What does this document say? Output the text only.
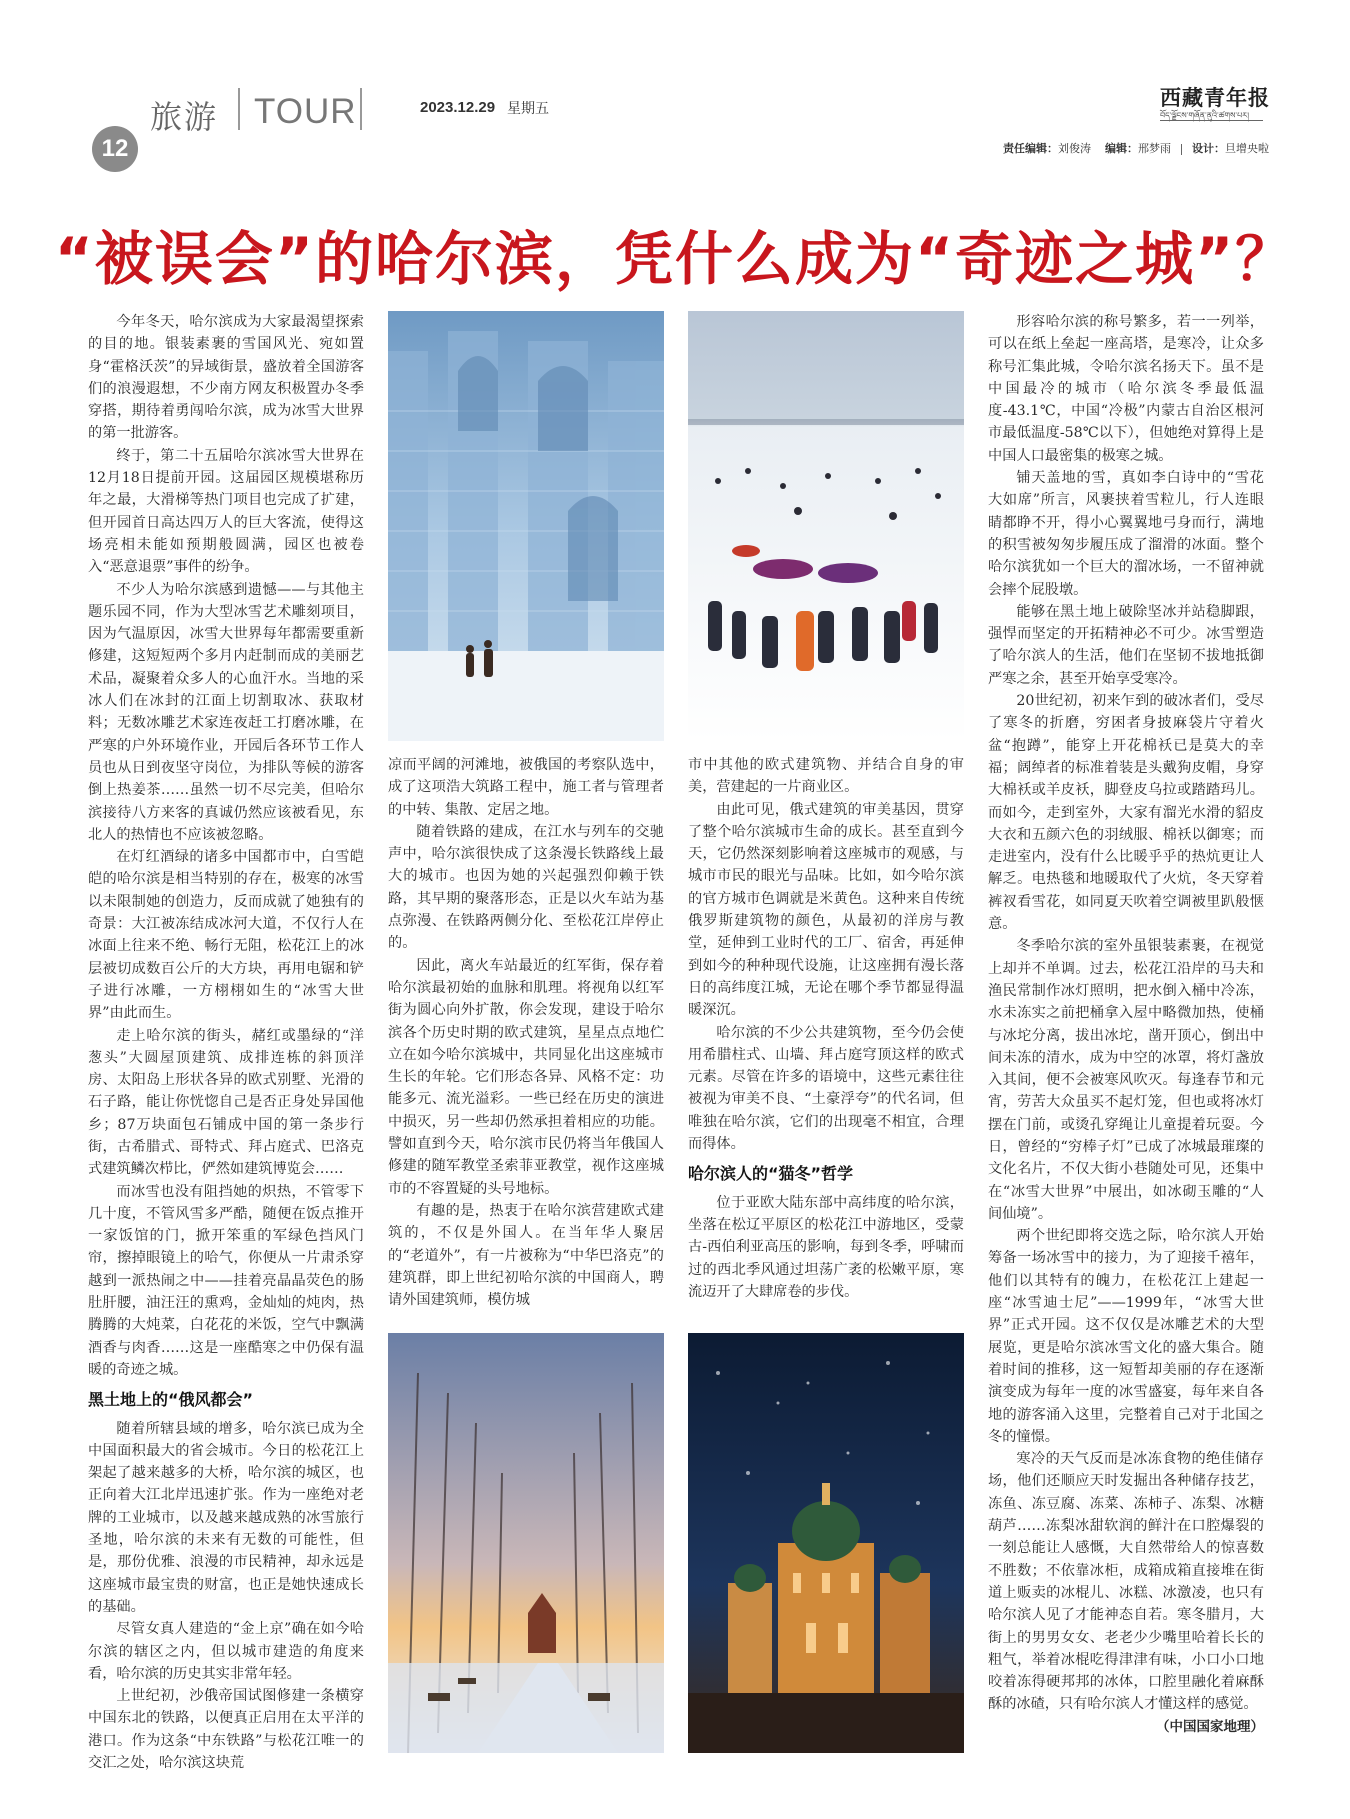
旅游 TOUR
12
2023.12.29 星期五	西藏青年报
བོད་ལྗོངས་གཞོན་ནུའི་ཚགས་པར།
责任编辑：刘俊涛 编辑：邢梦雨 设计：旦增央啦
“被误会”的哈尔滨，凭什么成为“奇迹之城”？

今年冬天，哈尔滨成为大家最渴望探索的目的地。银装素裹的雪国风光、宛如置身“霍格沃茨”的异域街景，盛放着全国游客们的浪漫遐想，不少南方网友积极置办冬季穿搭，期待着勇闯哈尔滨，成为冰雪大世界的第一批游客。

终于，第二十五届哈尔滨冰雪大世界在12月18日提前开园。这届园区规模堪称历年之最，大滑梯等热门项目也完成了扩建，但开园首日高达四万人的巨大客流，使得这场亮相未能如预期般圆满，园区也被卷入“恶意退票”事件的纷争。

不少人为哈尔滨感到遗憾——与其他主题乐园不同，作为大型冰雪艺术雕刻项目，因为气温原因，冰雪大世界每年都需要重新修建，这短短两个多月内赶制而成的美丽艺术品，凝聚着众多人的心血汗水。当地的采冰人们在冰封的江面上切割取冰、获取材料；无数冰雕艺术家连夜赶工打磨冰雕，在严寒的户外环境作业，开园后各环节工作人员也从日到夜坚守岗位，为排队等候的游客倒上热姜茶……虽然一切不尽完美，但哈尔滨接待八方来客的真诚仍然应该被看见，东北人的热情也不应该被忽略。

在灯红酒绿的诸多中国都市中，白雪皑皑的哈尔滨是相当特别的存在，极寒的冰雪以未限制她的创造力，反而成就了她独有的奇景：大江被冻结成冰河大道，不仅行人在冰面上往来不绝、畅行无阻，松花江上的冰层被切成数百公斤的大方块，再用电锯和铲子进行冰雕，一方栩栩如生的“冰雪大世界”由此而生。

走上哈尔滨的街头，赭红或墨绿的“洋葱头”大圆屋顶建筑、成排连栋的斜顶洋房、太阳岛上形状各异的欧式别墅、光滑的石子路，能让你恍惚自己是否正身处异国他乡；87万块面包石铺成中国的第一条步行街，古希腊式、哥特式、拜占庭式、巴洛克式建筑鳞次栉比，俨然如建筑博览会……

而冰雪也没有阻挡她的炽热，不管零下几十度，不管风雪多严酷，随便在饭点推开一家饭馆的门，掀开笨重的军绿色挡风门帘，擦掉眼镜上的哈气，你便从一片肃杀穿越到一派热闹之中——挂着亮晶晶荧色的肠肚肝腰，油汪汪的熏鸡，金灿灿的炖肉，热腾腾的大炖菜，白花花的米饭，空气中飘满酒香与肉香……这是一座酷寒之中仍保有温暖的奇迹之城。

黑土地上的“俄风都会”

随着所辖县域的增多，哈尔滨已成为全中国面积最大的省会城市。今日的松花江上架起了越来越多的大桥，哈尔滨的城区，也正向着大江北岸迅速扩张。作为一座绝对老牌的工业城市，以及越来越成熟的冰雪旅行圣地，哈尔滨的未来有无数的可能性，但是，那份优雅、浪漫的市民精神，却永远是这座城市最宝贵的财富，也正是她快速成长的基础。

尽管女真人建造的“金上京”确在如今哈尔滨的辖区之内，但以城市建造的角度来看，哈尔滨的历史其实非常年轻。

上世纪初，沙俄帝国试图修建一条横穿中国东北的铁路，以便真正启用在太平洋的港口。作为这条“中东铁路”与松花江唯一的交汇之处，哈尔滨这块荒

凉而平阔的河滩地，被俄国的考察队选中，成了这项浩大筑路工程中，施工者与管理者的中转、集散、定居之地。

随着铁路的建成，在江水与列车的交驰声中，哈尔滨很快成了这条漫长铁路线上最大的城市。也因为她的兴起强烈仰赖于铁路，其早期的聚落形态，正是以火车站为基点弥漫、在铁路两侧分化、至松花江岸停止的。

因此，离火车站最近的红军街，保存着哈尔滨最初始的血脉和肌理。将视角以红军街为圆心向外扩散，你会发现，建设于哈尔滨各个历史时期的欧式建筑，星星点点地伫立在如今哈尔滨城中，共同显化出这座城市生长的年轮。它们形态各异、风格不定：功能多元、流光溢彩。一些已经在历史的演进中损灭，另一些却仍然承担着相应的功能。譬如直到今天，哈尔滨市民仍将当年俄国人修建的随军教堂圣索菲亚教堂，视作这座城市的不容置疑的头号地标。

有趣的是，热衷于在哈尔滨营建欧式建筑的，不仅是外国人。在当年华人聚居的“老道外”，有一片被称为“中华巴洛克”的建筑群，即上世纪初哈尔滨的中国商人，聘请外国建筑师，模仿城

市中其他的欧式建筑物、并结合自身的审美，营建起的一片商业区。

由此可见，俄式建筑的审美基因，贯穿了整个哈尔滨城市生命的成长。甚至直到今天，它仍然深刻影响着这座城市的观感，与城市市民的眼光与品味。比如，如今哈尔滨的官方城市色调就是米黄色。这种来自传统俄罗斯建筑物的颜色，从最初的洋房与教堂，延伸到工业时代的工厂、宿舍，再延伸到如今的种种现代设施，让这座拥有漫长落日的高纬度江城，无论在哪个季节都显得温暖深沉。

哈尔滨的不少公共建筑物，至今仍会使用希腊柱式、山墙、拜占庭穹顶这样的欧式元素。尽管在许多的语境中，这些元素往往被视为审美不良、“土豪浮夸”的代名词，但唯独在哈尔滨，它们的出现毫不相宜，合理而得体。

哈尔滨人的“猫冬”哲学

位于亚欧大陆东部中高纬度的哈尔滨，坐落在松辽平原区的松花江中游地区，受蒙古-西伯利亚高压的影响，每到冬季，呼啸而过的西北季风通过坦荡广袤的松嫩平原，寒流迈开了大肆席卷的步伐。

形容哈尔滨的称号繁多，若一一列举，可以在纸上垒起一座高塔，是寒冷，让众多称号汇集此城，令哈尔滨名扬天下。虽不是中国最冷的城市（哈尔滨冬季最低温度-43.1℃，中国“冷极”内蒙古自治区根河市最低温度-58℃以下），但她绝对算得上是中国人口最密集的极寒之城。

铺天盖地的雪，真如李白诗中的“雪花大如席”所言，风裹挟着雪粒儿，行人连眼睛都睁不开，得小心翼翼地弓身而行，满地的积雪被匆匆步履压成了溜滑的冰面。整个哈尔滨犹如一个巨大的溜冰场，一不留神就会摔个屁股墩。

能够在黑土地上破除坚冰并站稳脚跟，强悍而坚定的开拓精神必不可少。冰雪塑造了哈尔滨人的生活，他们在坚韧不拔地抵御严寒之余，甚至开始享受寒冷。

20世纪初，初来乍到的破冰者们，受尽了寒冬的折磨，穷困者身披麻袋片守着火盆“抱蹲”，能穿上开花棉袄已是莫大的幸福；阔绰者的标准着装是头戴狗皮帽，身穿大棉袄或羊皮袄，脚登皮乌拉或踏踏玛儿。而如今，走到室外，大家有溜光水滑的貂皮大衣和五颜六色的羽绒服、棉袄以御寒；而走进室内，没有什么比暖乎乎的热炕更让人解乏。电热毯和地暖取代了火炕，冬天穿着裤衩看雪花，如同夏天吹着空调被里趴般惬意。

冬季哈尔滨的室外虽银装素裹，在视觉上却并不单调。过去，松花江沿岸的马夫和渔民常制作冰灯照明，把水倒入桶中冷冻，水未冻实之前把桶拿入屋中略微加热，使桶与冰坨分离，拔出冰坨，凿开顶心，倒出中间未冻的清水，成为中空的冰罩，将灯盏放入其间，便不会被寒风吹灭。每逢春节和元宵，劳苦大众虽买不起灯笼，但也或将冰灯摆在门前，或烫孔穿绳让儿童提着玩耍。今日，曾经的“穷棒子灯”已成了冰城最璀璨的文化名片，不仅大街小巷随处可见，还集中在“冰雪大世界”中展出，如冰砌玉雕的“人间仙境”。

两个世纪即将交选之际，哈尔滨人开始筹备一场冰雪中的接力，为了迎接千禧年，他们以其特有的魄力，在松花江上建起一座“冰雪迪士尼”——1999年，“冰雪大世界”正式开园。这不仅仅是冰雕艺术的大型展览，更是哈尔滨冰雪文化的盛大集合。随着时间的推移，这一短暂却美丽的存在逐渐演变成为每年一度的冰雪盛宴，每年来自各地的游客涌入这里，完整着自己对于北国之冬的憧憬。

寒冷的天气反而是冰冻食物的绝佳储存场，他们还顺应天时发掘出各种储存技艺，冻鱼、冻豆腐、冻菜、冻柿子、冻梨、冰糖葫芦……冻梨冰甜软润的鲜汁在口腔爆裂的一刻总能让人感慨，大自然带给人的惊喜数不胜数；不依靠冰柜，成箱成箱直接堆在街道上贩卖的冰棍儿、冰糕、冰激凌，也只有哈尔滨人见了才能神态自若。寒冬腊月，大街上的男男女女、老老少少嘴里哈着长长的粗气，举着冰棍吃得津津有味，小口小口地咬着冻得硬邦邦的冰体，口腔里融化着麻酥酥的冰碴，只有哈尔滨人才懂这样的感觉。

（中国国家地理）
